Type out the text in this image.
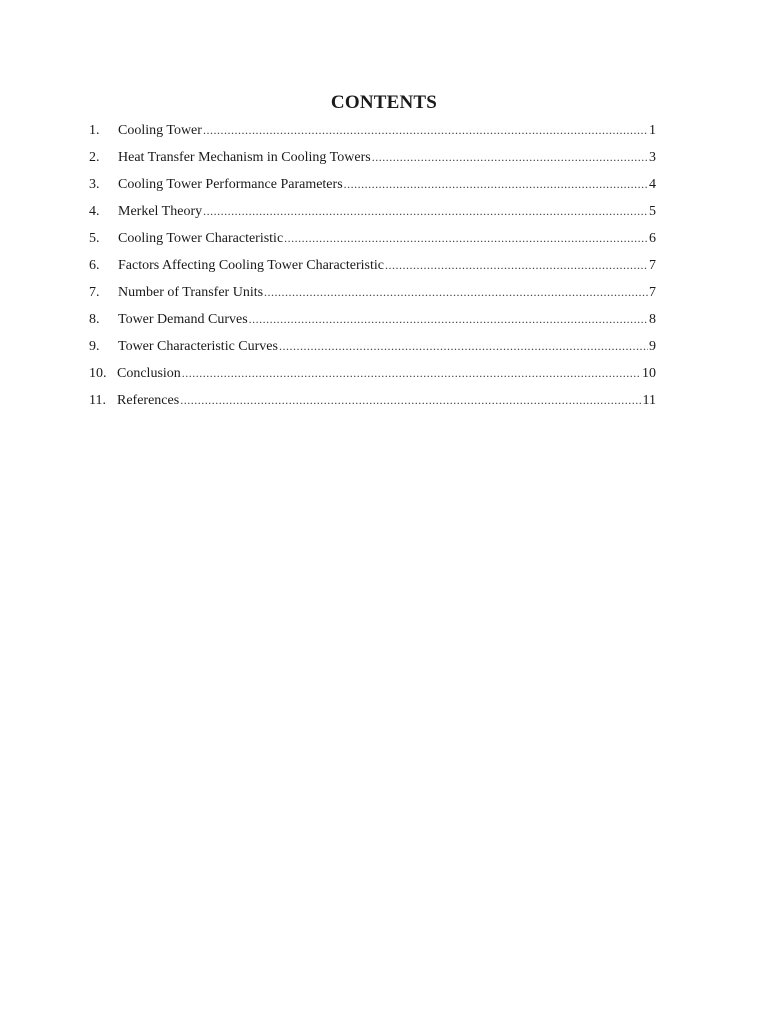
CONTENTS
1.	Cooling Tower .....	1
2.	Heat Transfer Mechanism in Cooling Towers .....	3
3.	Cooling Tower Performance Parameters .....	4
4.	Merkel Theory .....	5
5.	Cooling Tower Characteristic .....	6
6.	Factors Affecting Cooling Tower Characteristic .....	7
7.	Number of Transfer Units .....	7
8.	Tower Demand Curves .....	8
9.	Tower Characteristic Curves .....	9
10. Conclusion .....	10
11. References .....	11
